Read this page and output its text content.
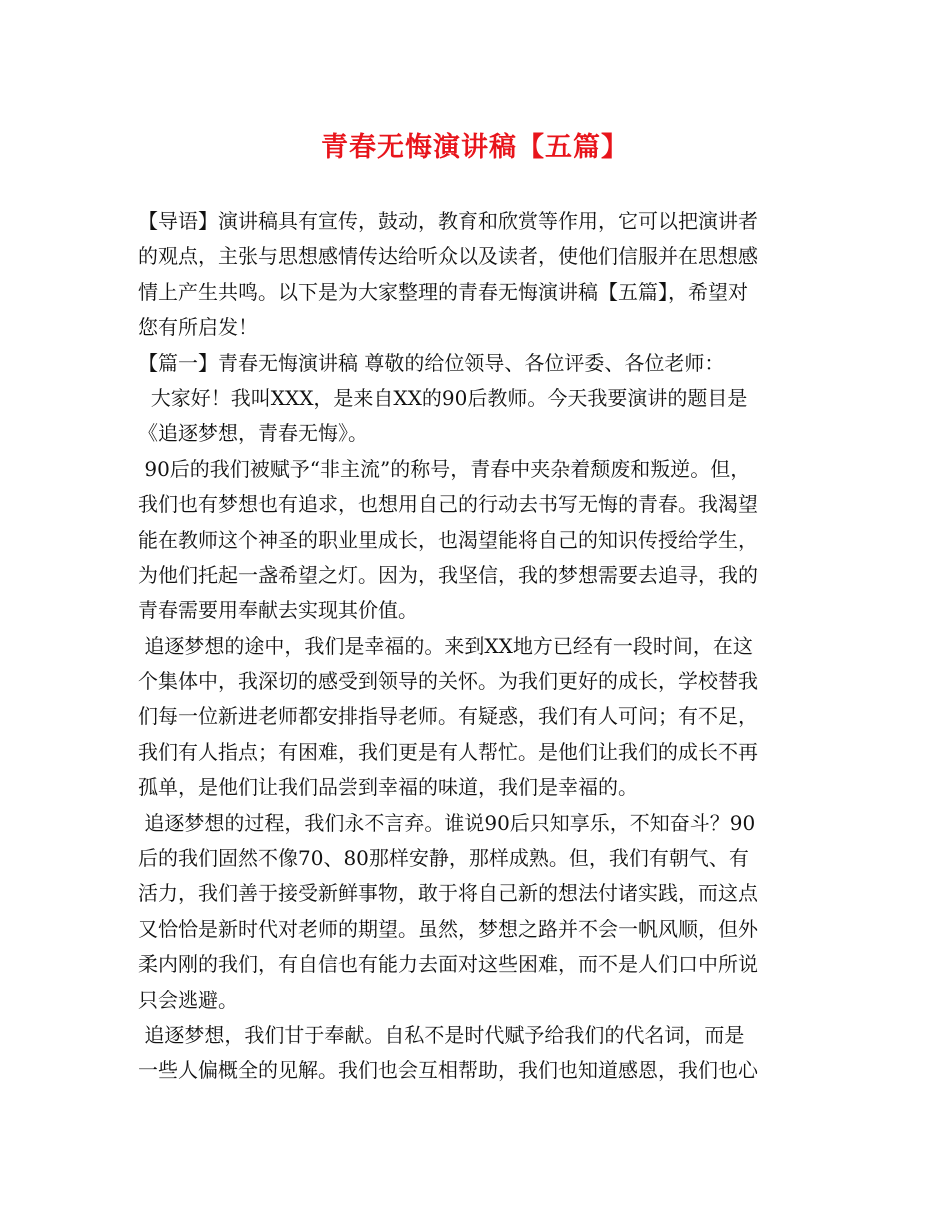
青春无悔演讲稿【五篇】
【导语】演讲稿具有宣传，鼓动，教育和欣赏等作用，它可以把演讲者
的观点，主张与思想感情传达给听众以及读者，使他们信服并在思想感
情上产生共鸣。以下是为大家整理的青春无悔演讲稿【五篇】，希望对
您有所启发！
【篇一】青春无悔演讲稿 尊敬的给位领导、各位评委、各位老师：
大家好！我叫XXX，是来自XX的90后教师。今天我要演讲的题目是
《追逐梦想，青春无悔》。
90后的我们被赋予“非主流”的称号，青春中夹杂着颓废和叛逆。但，
我们也有梦想也有追求，也想用自己的行动去书写无悔的青春。我渴望
能在教师这个神圣的职业里成长，也渴望能将自己的知识传授给学生，
为他们托起一盏希望之灯。因为，我坚信，我的梦想需要去追寻，我的
青春需要用奉献去实现其价值。
追逐梦想的途中，我们是幸福的。来到XX地方已经有一段时间，在这
个集体中，我深切的感受到领导的关怀。为我们更好的成长，学校替我
们每一位新进老师都安排指导老师。有疑惑，我们有人可问；有不足，
我们有人指点；有困难，我们更是有人帮忙。是他们让我们的成长不再
孤单，是他们让我们品尝到幸福的味道，我们是幸福的。
追逐梦想的过程，我们永不言弃。谁说90后只知享乐，不知奋斗？90
后的我们固然不像70、80那样安静，那样成熟。但，我们有朝气、有
活力，我们善于接受新鲜事物，敢于将自己新的想法付诸实践，而这点
又恰恰是新时代对老师的期望。虽然，梦想之路并不会一帆风顺，但外
柔内刚的我们，有自信也有能力去面对这些困难，而不是人们口中所说
只会逃避。
追逐梦想，我们甘于奉献。自私不是时代赋予给我们的代名词，而是
一些人偏概全的见解。我们也会互相帮助，我们也知道感恩，我们也心
